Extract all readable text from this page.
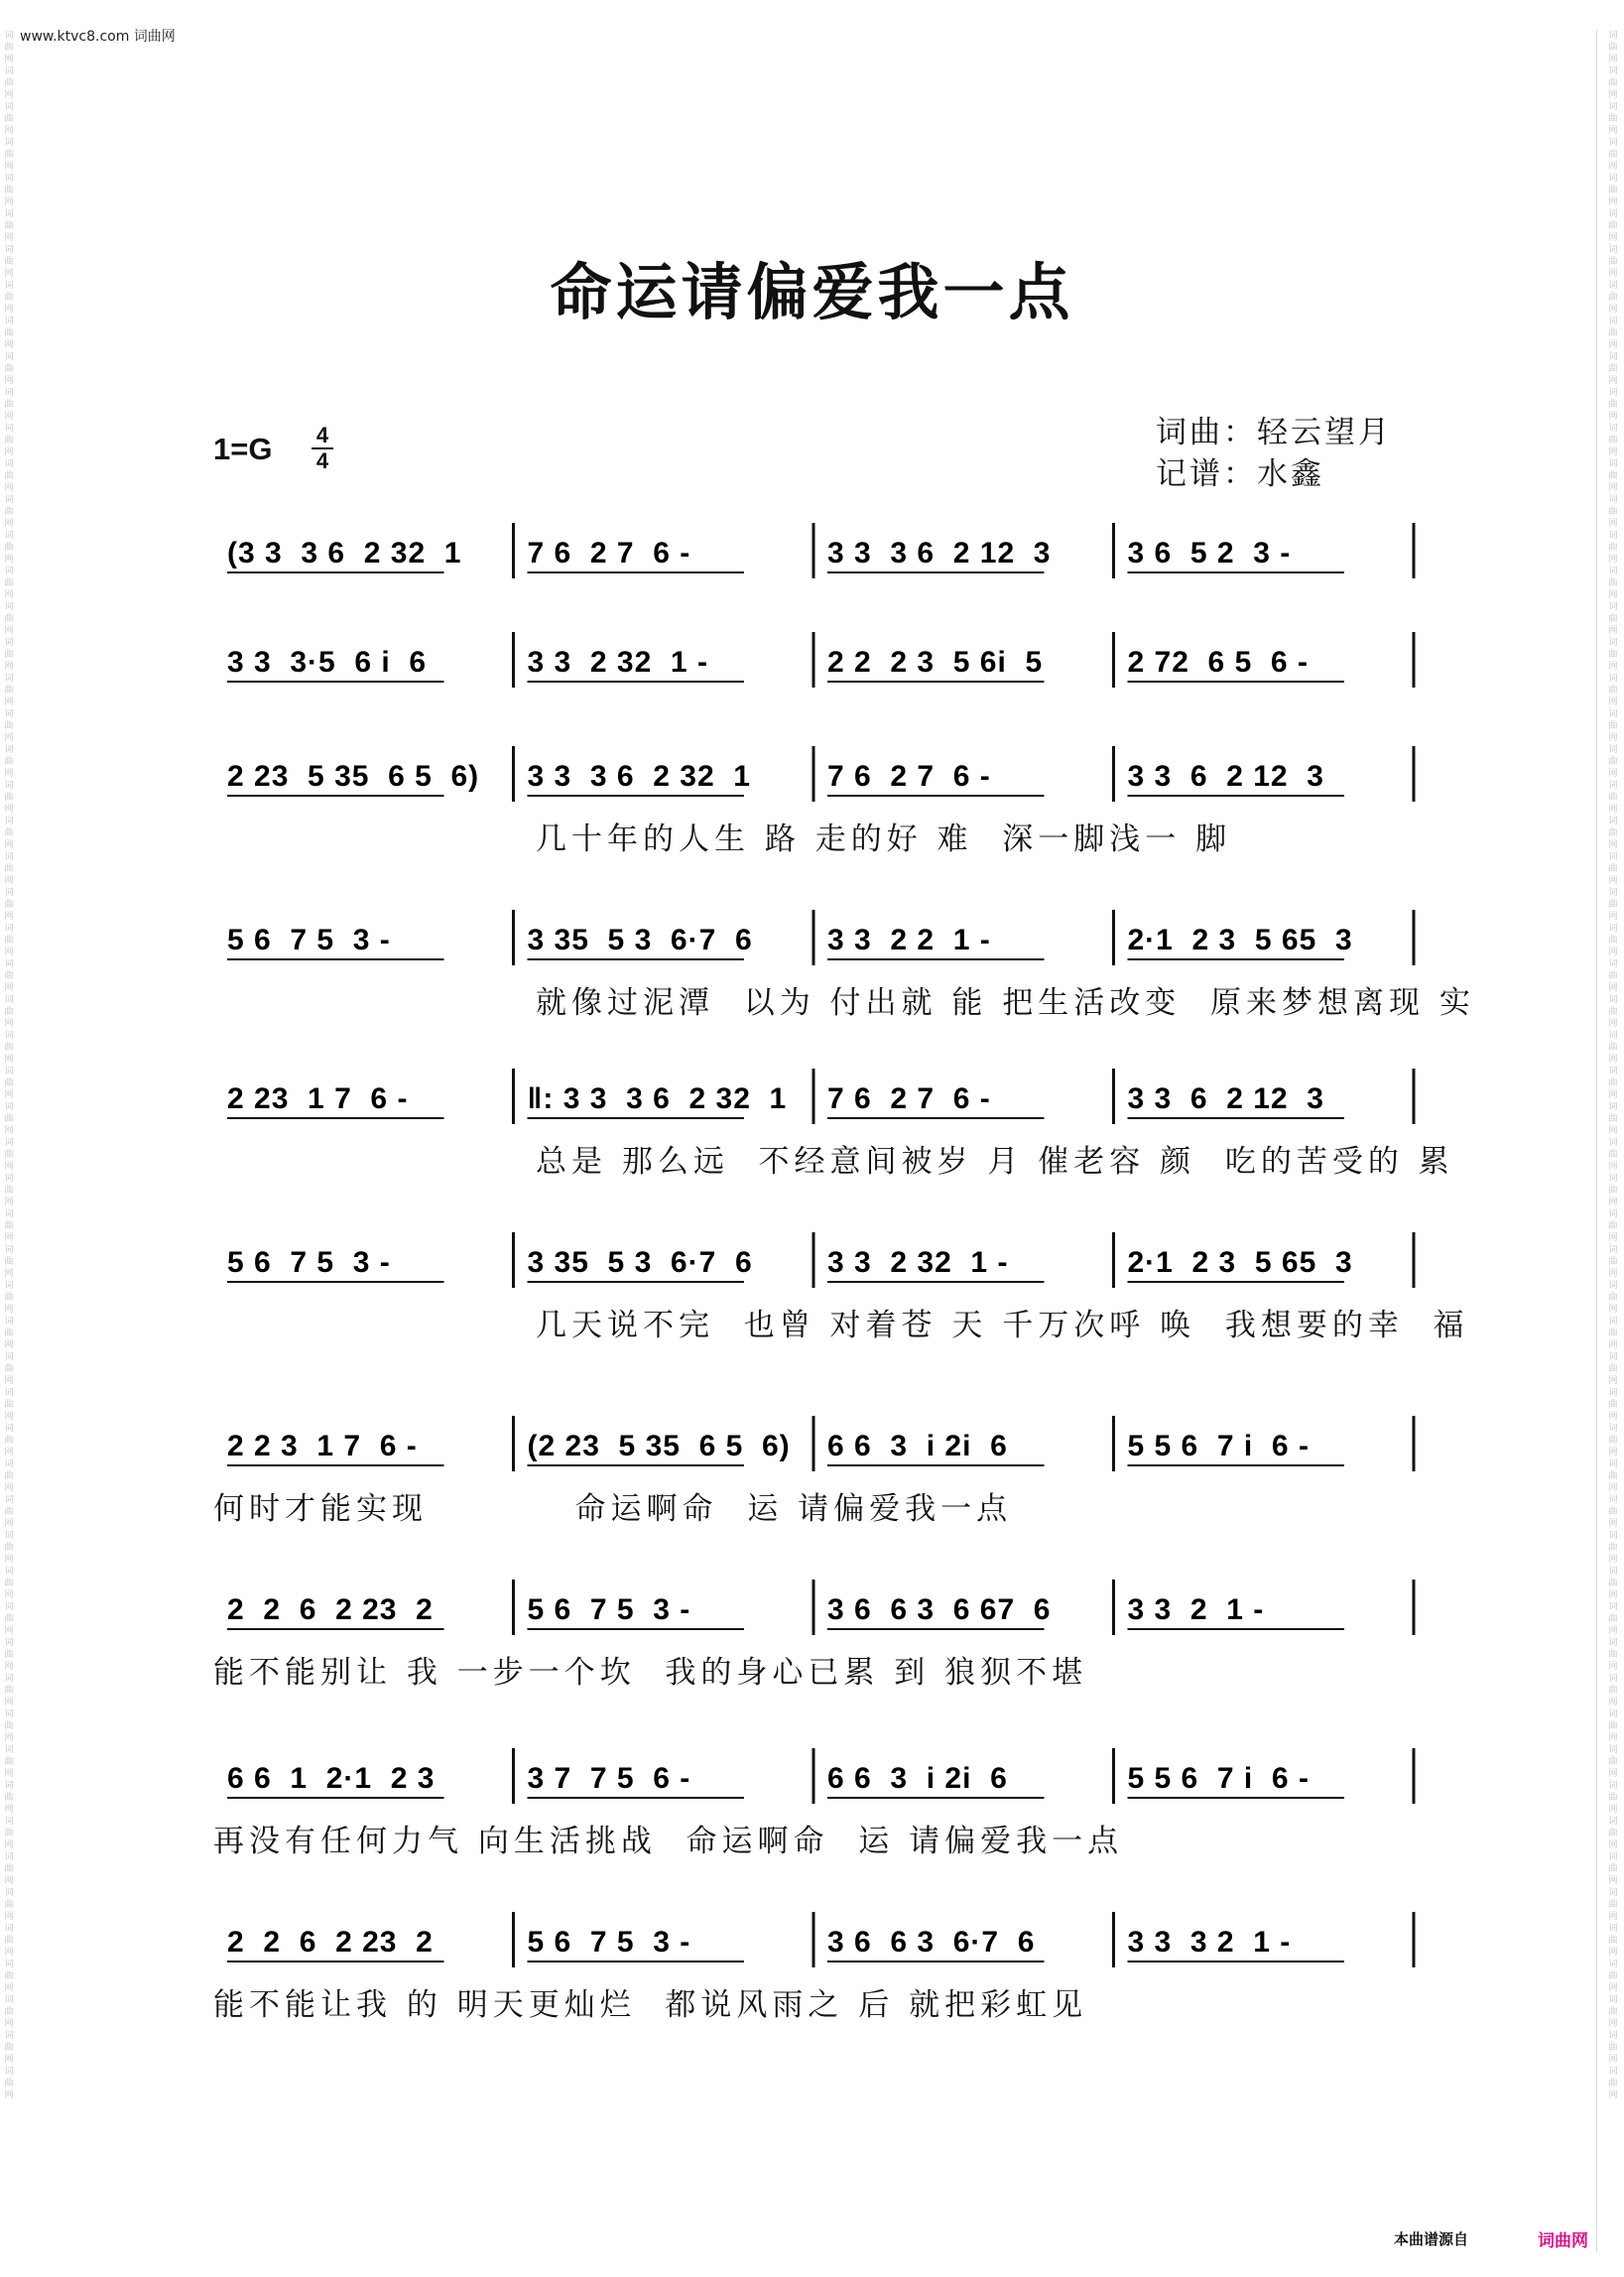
www.ktvc8.com 词曲网
词曲网词曲网词曲网词曲网词曲网词曲网词曲网词曲网词曲网词曲网词曲网词曲网词曲网词曲网词曲网词曲网词曲网词曲网词曲网词曲网词曲网词曲网词曲网词曲网词曲网词曲网词曲网词曲网词曲网词曲网词曲网词曲网词曲网词曲网词曲网词曲网词曲网词曲网词曲网词曲网词曲网词曲网词曲网词曲网词曲网词曲网词曲网词曲网词曲网词曲网词曲网词曲网词曲网词曲网词曲网词曲网词曲网词曲网
词曲网词曲网词曲网词曲网词曲网词曲网词曲网词曲网词曲网词曲网词曲网词曲网词曲网词曲网词曲网词曲网词曲网词曲网词曲网词曲网词曲网词曲网词曲网词曲网词曲网词曲网词曲网词曲网词曲网词曲网词曲网词曲网词曲网词曲网词曲网词曲网词曲网词曲网词曲网词曲网词曲网词曲网词曲网词曲网词曲网词曲网词曲网词曲网词曲网词曲网词曲网词曲网词曲网词曲网词曲网词曲网词曲网词曲网
命运请偏爱我一点
1=G	4
4
词曲：轻云望月
记谱：水鑫
(3 3  3 6  2 32  1 7 6  2 7  6 -	3 3  3 6  2 12  3	3 6  5 2  3 -
3 3  3·5  6 i  6	3 3  2 32  1 -	2 2  2 3  5 6i  5	2 72  6 5  6 -
2 23  5 35  6 5  6) 3 3  3 6  2 32  1	7 6  2 7  6 -	3 3  6  2 12  3
5 6  7 5  3 -	3 35  5 3  6·7  6	3 3  2 2  1 -	2·1  2 3  5 65  3
2 23  1 7  6 -	‖: 3 3  3 6  2 32  1 7 6  2 7  6 -	3 3  6  2 12  3
5 6  7 5  3 -	3 35  5 3  6·7  6	3 3  2 32  1 -	2·1  2 3  5 65  3
2 2 3  1 7  6 -	(2 23  5 35  6 5  6) 6 6  3  i 2i  6	5 5 6  7 i  6 -
2  2  6  2 23  2	5 6  7 5  3 -	3 6  6 3  6 67  6	3 3  2  1 -
6 6  1  2·1  2 3	3 7  7 5  6 -	6 6  3  i 2i  6	5 5 6  7 i  6 -
2  2  6  2 23  2	5 6  7 5  3 -	3 6  6 3  6·7  6	3 3  3 2  1 -
几十年的人生 路 走的好 难  深一脚浅一 脚
就像过泥潭  以为 付出就 能 把生活改变  原来梦想离现 实
总是 那么远  不经意间被岁 月 催老容 颜  吃的苦受的 累
几天说不完  也曾 对着苍 天 千万次呼 唤  我想要的幸  福
何时才能实现          命运啊命  运 请偏爱我一点
能不能别让 我 一步一个坎  我的身心已累 到 狼狈不堪
再没有任何力气 向生活挑战  命运啊命  运 请偏爱我一点
能不能让我 的 明天更灿烂  都说风雨之 后 就把彩虹见
本曲谱源自	词曲网
